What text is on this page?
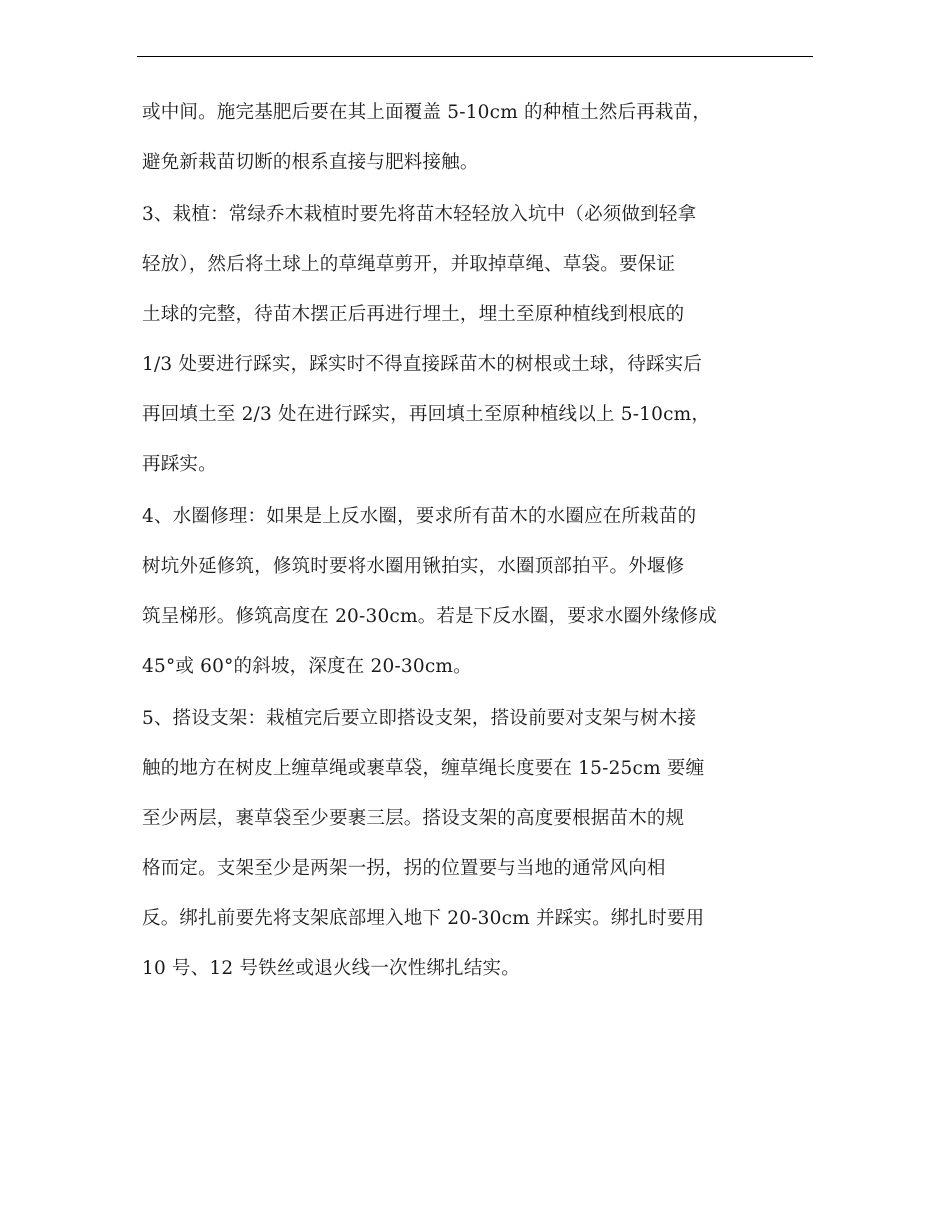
或中间。施完基肥后要在其上面覆盖 5-10cm 的种植土然后再栽苗，
避免新栽苗切断的根系直接与肥料接触。
3、栽植：常绿乔木栽植时要先将苗木轻轻放入坑中（必须做到轻拿
轻放），然后将土球上的草绳草剪开，并取掉草绳、草袋。要保证
土球的完整，待苗木摆正后再进行埋土，埋土至原种植线到根底的
1/3 处要进行踩实，踩实时不得直接踩苗木的树根或土球，待踩实后
再回填土至 2/3 处在进行踩实，再回填土至原种植线以上 5-10cm，
再踩实。
4、水圈修理：如果是上反水圈，要求所有苗木的水圈应在所栽苗的
树坑外延修筑，修筑时要将水圈用锹拍实，水圈顶部拍平。外堰修
筑呈梯形。修筑高度在 20-30cm。若是下反水圈，要求水圈外缘修成
45°或 60°的斜坡，深度在 20-30cm。
5、搭设支架：栽植完后要立即搭设支架，搭设前要对支架与树木接
触的地方在树皮上缠草绳或裹草袋，缠草绳长度要在 15-25cm 要缠
至少两层，裹草袋至少要裹三层。搭设支架的高度要根据苗木的规
格而定。支架至少是两架一拐，拐的位置要与当地的通常风向相
反。绑扎前要先将支架底部埋入地下 20-30cm 并踩实。绑扎时要用
10 号、12 号铁丝或退火线一次性绑扎结实。
